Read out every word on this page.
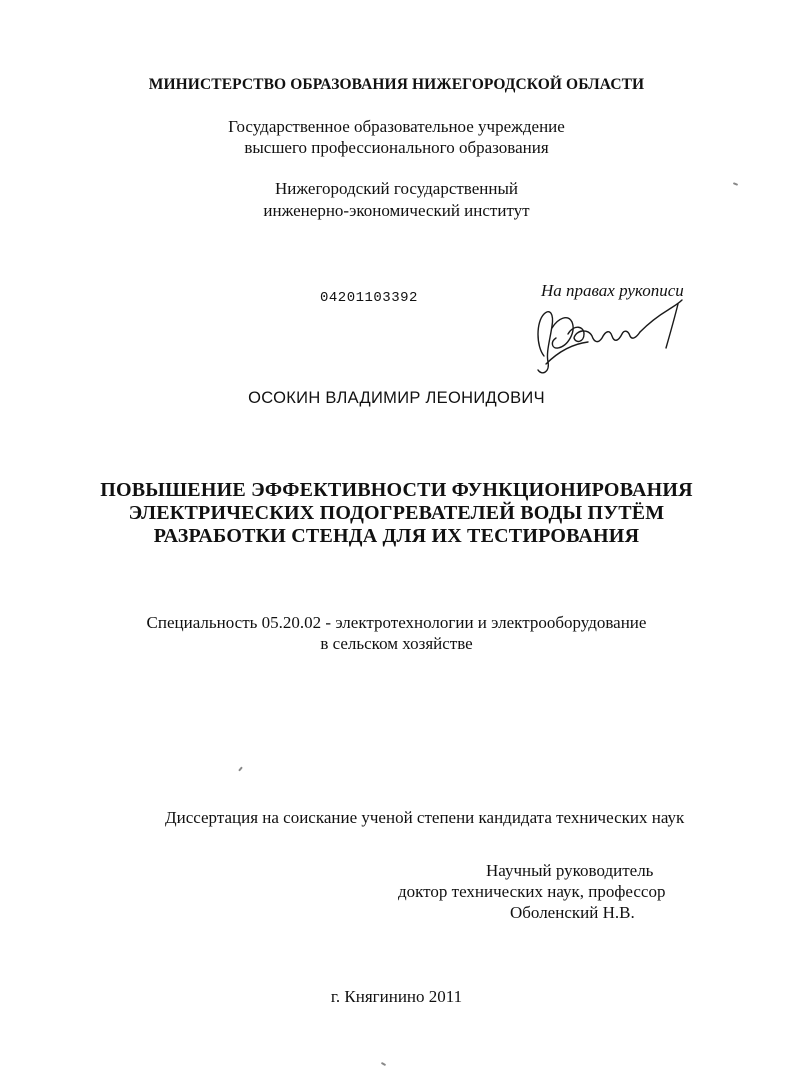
МИНИСТЕРСТВО ОБРАЗОВАНИЯ НИЖЕГОРОДСКОЙ ОБЛАСТИ
Государственное образовательное учреждение
высшего профессионального образования
Нижегородский государственный
инженерно-экономический институт
04201103392	На правах рукописи
ОСОКИН ВЛАДИМИР ЛЕОНИДОВИЧ
ПОВЫШЕНИЕ ЭФФЕКТИВНОСТИ ФУНКЦИОНИРОВАНИЯ
ЭЛЕКТРИЧЕСКИХ ПОДОГРЕВАТЕЛЕЙ ВОДЫ ПУТЁМ
РАЗРАБОТКИ СТЕНДА ДЛЯ ИХ ТЕСТИРОВАНИЯ
Специальность 05.20.02 - электротехнологии и электрооборудование
в сельском хозяйстве
Диссертация на соискание ученой степени кандидата технических наук
Научный руководитель
доктор технических наук, профессор
Оболенский Н.В.
г. Княгинино 2011
